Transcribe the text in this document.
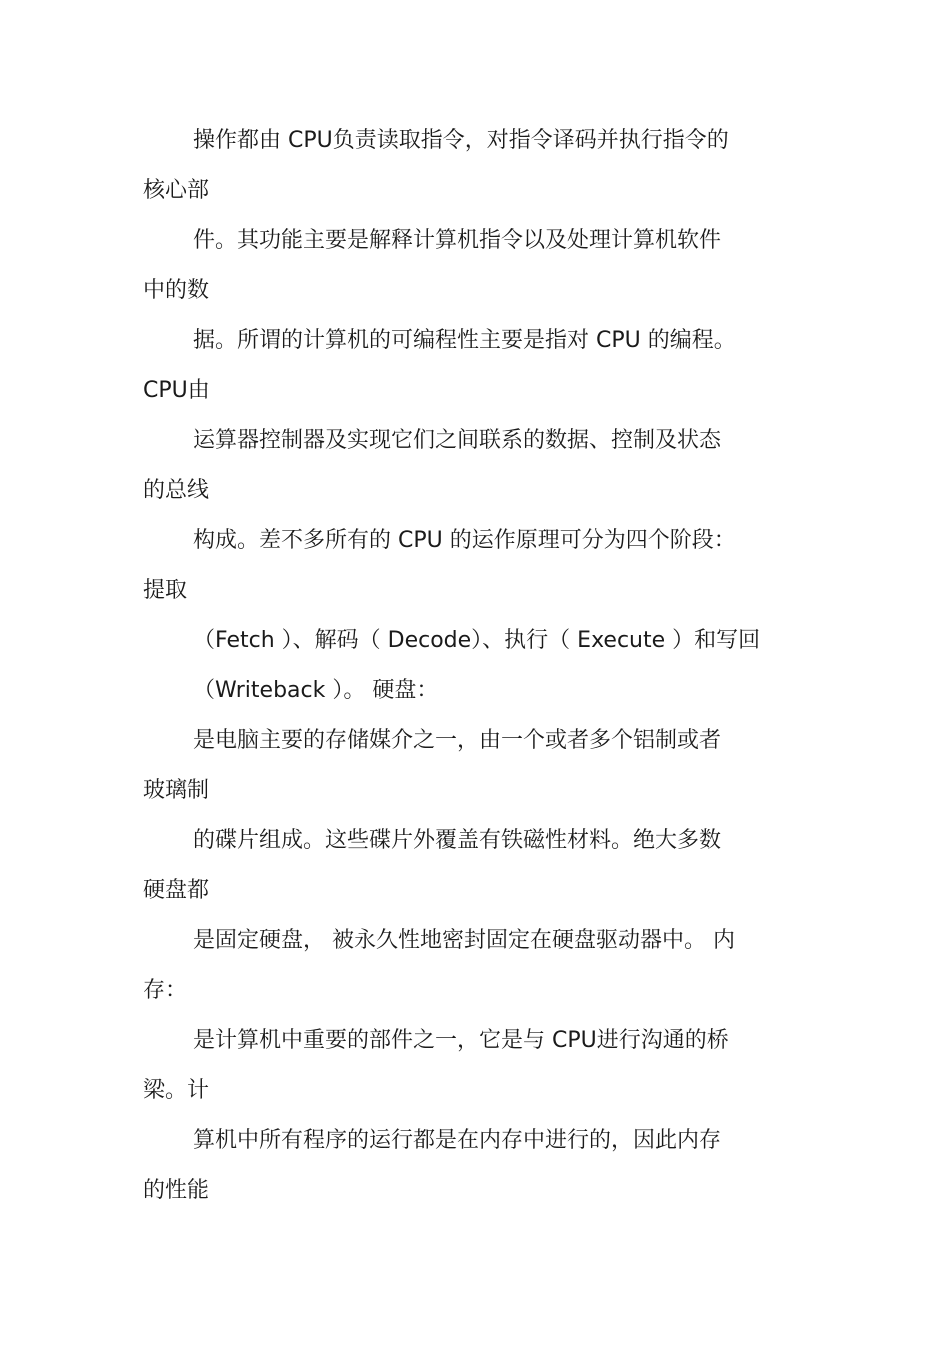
操作都由 CPU负责读取指令，对指令译码并执行指令的
核心部
件。其功能主要是解释计算机指令以及处理计算机软件
中的数
据。所谓的计算机的可编程性主要是指对 CPU 的编程。
CPU由
运算器控制器及实现它们之间联系的数据、控制及状态
的总线
构成。差不多所有的 CPU 的运作原理可分为四个阶段：
提取
（Fetch ）、解码（ Decode）、执行（ Execute ）和写回
（Writeback ）。 硬盘：
是电脑主要的存储媒介之一，由一个或者多个铝制或者
玻璃制
的碟片组成。这些碟片外覆盖有铁磁性材料。绝大多数
硬盘都
是固定硬盘， 被永久性地密封固定在硬盘驱动器中。 内
存：
是计算机中重要的部件之一，它是与 CPU进行沟通的桥
梁。计
算机中所有程序的运行都是在内存中进行的，因此内存
的性能
